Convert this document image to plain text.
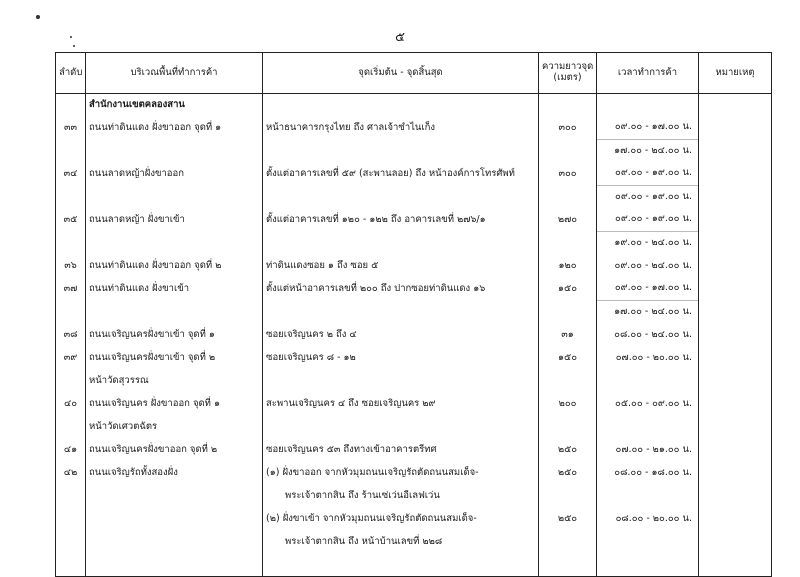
๕
ลำดับ	บริเวณพื้นที่ทำการค้า	จุดเริ่มต้น - จุดสิ้นสุด	ความยาวจุด
(เมตร)	เวลาทำการค้า	หมายเหตุ
	สำนักงานเขตคลองสาน				
๓๓	ถนนท่าดินแดง ฝั่งขาออก จุดที่ ๑	หน้าธนาคารกรุงไทย ถึง ศาลเจ้าซำไนเก็ง	๓๐๐	๐๙.๐๐ - ๑๗.๐๐ น.	
				๑๗.๐๐ - ๒๔.๐๐ น.	
๓๔	ถนนลาดหญ้าฝั่งขาออก	ตั้งแต่อาคารเลขที่ ๕๙ (สะพานลอย) ถึง หน้าองค์การโทรศัพท์	๓๐๐	๐๙.๐๐ - ๑๙.๐๐ น.	
				๐๙.๐๐ - ๑๙.๐๐ น.	
๓๕	ถนนลาดหญ้า ฝั่งขาเข้า	ตั้งแต่อาคารเลขที่ ๑๒๐ - ๑๒๒ ถึง อาคารเลขที่ ๒๗๖/๑	๒๗๐	๐๙.๐๐ - ๑๙.๐๐ น.	
				๑๙.๐๐ - ๒๔.๐๐ น.	
๓๖	ถนนท่าดินแดง ฝั่งขาออก จุดที่ ๒	ท่าดินแดงซอย ๑ ถึง ซอย ๕	๑๒๐	๐๙.๐๐ - ๒๔.๐๐ น.	
๓๗	ถนนท่าดินแดง ฝั่งขาเข้า	ตั้งแต่หน้าอาคารเลขที่ ๒๐๐ ถึง ปากซอยท่าดินแดง ๑๖	๑๕๐	๐๙.๐๐ - ๑๗.๐๐ น.	
				๑๗.๐๐ - ๒๔.๐๐ น.	
๓๘	ถนนเจริญนครฝั่งขาเข้า จุดที่ ๑	ซอยเจริญนคร ๒ ถึง ๔	๓๑	๐๘.๐๐ - ๒๔.๐๐ น.	
๓๙	ถนนเจริญนครฝั่งขาเข้า จุดที่ ๒	ซอยเจริญนคร ๘ - ๑๒	๑๕๐	๐๗.๐๐ - ๒๐.๐๐ น.	
	หน้าวัดสุวรรณ				
๔๐	ถนนเจริญนคร ฝั่งขาออก จุดที่ ๑	สะพานเจริญนคร ๔ ถึง ซอยเจริญนคร ๒๙	๒๐๐	๐๕.๐๐ - ๐๙.๐๐ น.	
	หน้าวัดเศวตฉัตร				
๔๑	ถนนเจริญนครฝั่งขาออก จุดที่ ๒	ซอยเจริญนคร ๕๓ ถึงทางเข้าอาคารตรีทศ	๒๕๐	๐๗.๐๐ - ๒๑.๐๐ น.	
๔๒	ถนนเจริญรัถทั้งสองฝั่ง	(๑) ฝั่งขาออก จากหัวมุมถนนเจริญรัถตัดถนนสมเด็จ-	๒๕๐	๐๘.๐๐ - ๑๘.๐๐ น.	
		พระเจ้าตากสิน ถึง ร้านเซ่เว่นอีเลฟเว่น			
		(๒) ฝั่งขาเข้า จากหัวมุมถนนเจริญรัถตัดถนนสมเด็จ-	๒๕๐	๐๘.๐๐ - ๒๐.๐๐ น.	
		พระเจ้าตากสิน ถึง หน้าบ้านเลขที่ ๒๒๘			
